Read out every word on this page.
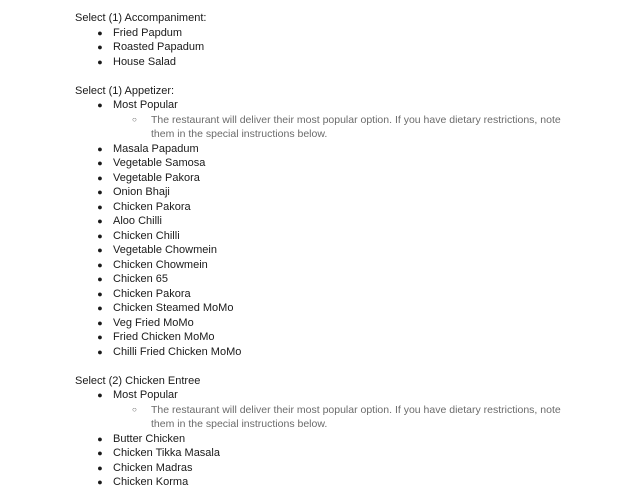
Select (1) Accompaniment:
● Fried Papdum
● Roasted Papadum
● House Salad
Select (1) Appetizer:
● Most Popular
○ The restaurant will deliver their most popular option. If you have dietary restrictions, note them in the special instructions below.
● Masala Papadum
● Vegetable Samosa
● Vegetable Pakora
● Onion Bhaji
● Chicken Pakora
● Aloo Chilli
● Chicken Chilli
● Vegetable Chowmein
● Chicken Chowmein
● Chicken 65
● Chicken Pakora
● Chicken Steamed MoMo
● Veg Fried MoMo
● Fried Chicken MoMo
● Chilli Fried Chicken MoMo
Select (2) Chicken Entree
● Most Popular
○ The restaurant will deliver their most popular option. If you have dietary restrictions, note them in the special instructions below.
● Butter Chicken
● Chicken Tikka Masala
● Chicken Madras
● Chicken Korma
